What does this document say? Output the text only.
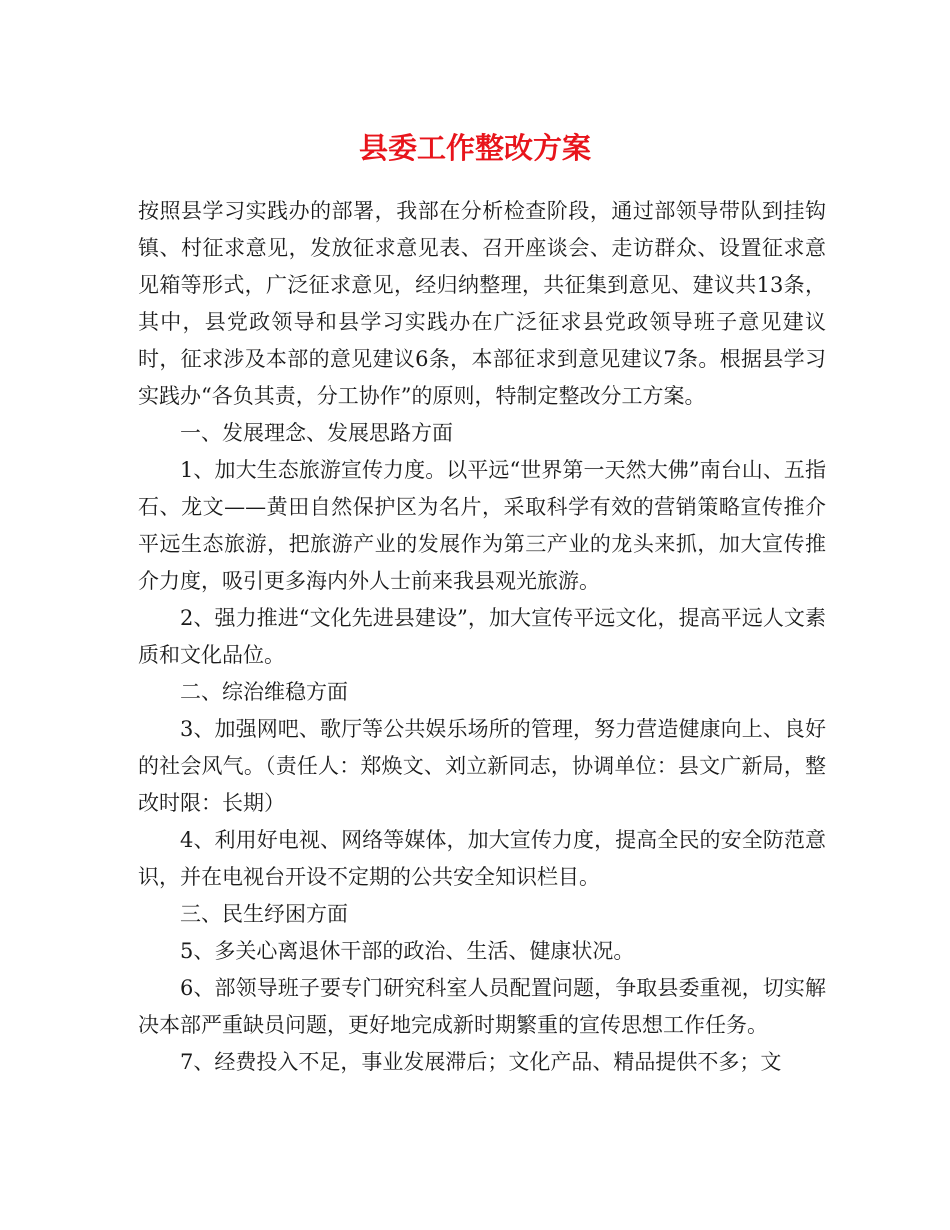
县委工作整改方案

按照县学习实践办的部署，我部在分析检查阶段，通过部领导带队到挂钩镇、村征求意见，发放征求意见表、召开座谈会、走访群众、设置征求意见箱等形式，广泛征求意见，经归纳整理，共征集到意见、建议共13条，其中，县党政领导和县学习实践办在广泛征求县党政领导班子意见建议时，征求涉及本部的意见建议6条，本部征求到意见建议7条。根据县学习实践办“各负其责，分工协作”的原则，特制定整改分工方案。

一、发展理念、发展思路方面

1、加大生态旅游宣传力度。以平远“世界第一天然大佛”南台山、五指石、龙文——黄田自然保护区为名片，采取科学有效的营销策略宣传推介平远生态旅游，把旅游产业的发展作为第三产业的龙头来抓，加大宣传推介力度，吸引更多海内外人士前来我县观光旅游。

2、强力推进“文化先进县建设”，加大宣传平远文化，提高平远人文素质和文化品位。

二、综治维稳方面

3、加强网吧、歌厅等公共娱乐场所的管理，努力营造健康向上、良好的社会风气。（责任人：郑焕文、刘立新同志，协调单位：县文广新局，整改时限：长期）

4、利用好电视、网络等媒体，加大宣传力度，提高全民的安全防范意识，并在电视台开设不定期的公共安全知识栏目。

三、民生纾困方面

5、多关心离退休干部的政治、生活、健康状况。

6、部领导班子要专门研究科室人员配置问题，争取县委重视，切实解决本部严重缺员问题，更好地完成新时期繁重的宣传思想工作任务。

7、经费投入不足，事业发展滞后；文化产品、精品提供不多；文
